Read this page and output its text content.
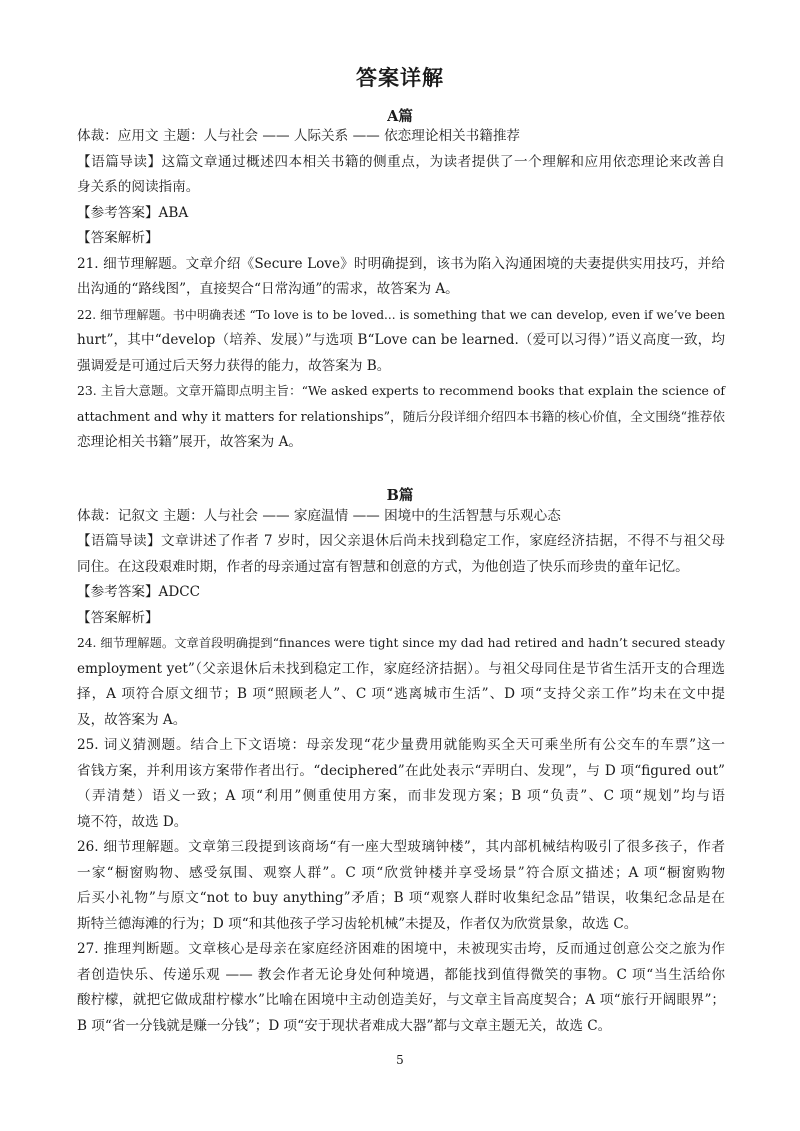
答案详解
A篇
体裁：应用文 主题：人与社会 —— 人际关系 —— 依恋理论相关书籍推荐
【语篇导读】这篇文章通过概述四本相关书籍的侧重点，为读者提供了一个理解和应用依恋理论来改善自
身关系的阅读指南。
【参考答案】ABA
【答案解析】
21. 细节理解题。文章介绍《Secure Love》时明确提到，该书为陷入沟通困境的夫妻提供实用技巧，并给
出沟通的“路线图”，直接契合“日常沟通”的需求，故答案为 A。
22. 细节理解题。书中明确表述 “To love is to be loved... is something that we can develop, even if we’ve been
hurt”，其中“develop（培养、发展）”与选项 B“Love can be learned.（爱可以习得）”语义高度一致，均
强调爱是可通过后天努力获得的能力，故答案为 B。
23. 主旨大意题。文章开篇即点明主旨：“We asked experts to recommend books that explain the science of
attachment and why it matters for relationships”，随后分段详细介绍四本书籍的核心价值，全文围绕“推荐依
恋理论相关书籍”展开，故答案为 A。
B篇
体裁：记叙文 主题：人与社会 —— 家庭温情 —— 困境中的生活智慧与乐观心态
【语篇导读】文章讲述了作者 7 岁时，因父亲退休后尚未找到稳定工作，家庭经济拮据，不得不与祖父母
同住。在这段艰难时期，作者的母亲通过富有智慧和创意的方式，为他创造了快乐而珍贵的童年记忆。
【参考答案】ADCC
【答案解析】
24. 细节理解题。文章首段明确提到“finances were tight since my dad had retired and hadn’t secured steady
employment yet”（父亲退休后未找到稳定工作，家庭经济拮据）。与祖父母同住是节省生活开支的合理选
择，A 项符合原文细节；B 项“照顾老人”、C 项“逃离城市生活”、D 项“支持父亲工作”均未在文中提
及，故答案为 A。
25. 词义猜测题。结合上下文语境：母亲发现“花少量费用就能购买全天可乘坐所有公交车的车票”这一
省钱方案，并利用该方案带作者出行。“deciphered”在此处表示“弄明白、发现”，与 D 项“figured out”
（弄清楚）语义一致；A 项“利用”侧重使用方案，而非发现方案；B 项“负责”、C 项“规划”均与语
境不符，故选 D。
26. 细节理解题。文章第三段提到该商场“有一座大型玻璃钟楼”，其内部机械结构吸引了很多孩子，作者
一家“橱窗购物、感受氛围、观察人群”。C 项“欣赏钟楼并享受场景”符合原文描述；A 项“橱窗购物
后买小礼物”与原文“not to buy anything”矛盾；B 项“观察人群时收集纪念品”错误，收集纪念品是在
斯特兰德海滩的行为；D 项“和其他孩子学习齿轮机械”未提及，作者仅为欣赏景象，故选 C。
27. 推理判断题。文章核心是母亲在家庭经济困难的困境中，未被现实击垮，反而通过创意公交之旅为作
者创造快乐、传递乐观 —— 教会作者无论身处何种境遇，都能找到值得微笑的事物。C 项“当生活给你
酸柠檬，就把它做成甜柠檬水”比喻在困境中主动创造美好，与文章主旨高度契合；A 项“旅行开阔眼界”；
B 项“省一分钱就是赚一分钱”；D 项“安于现状者难成大器”都与文章主题无关，故选 C。
5
